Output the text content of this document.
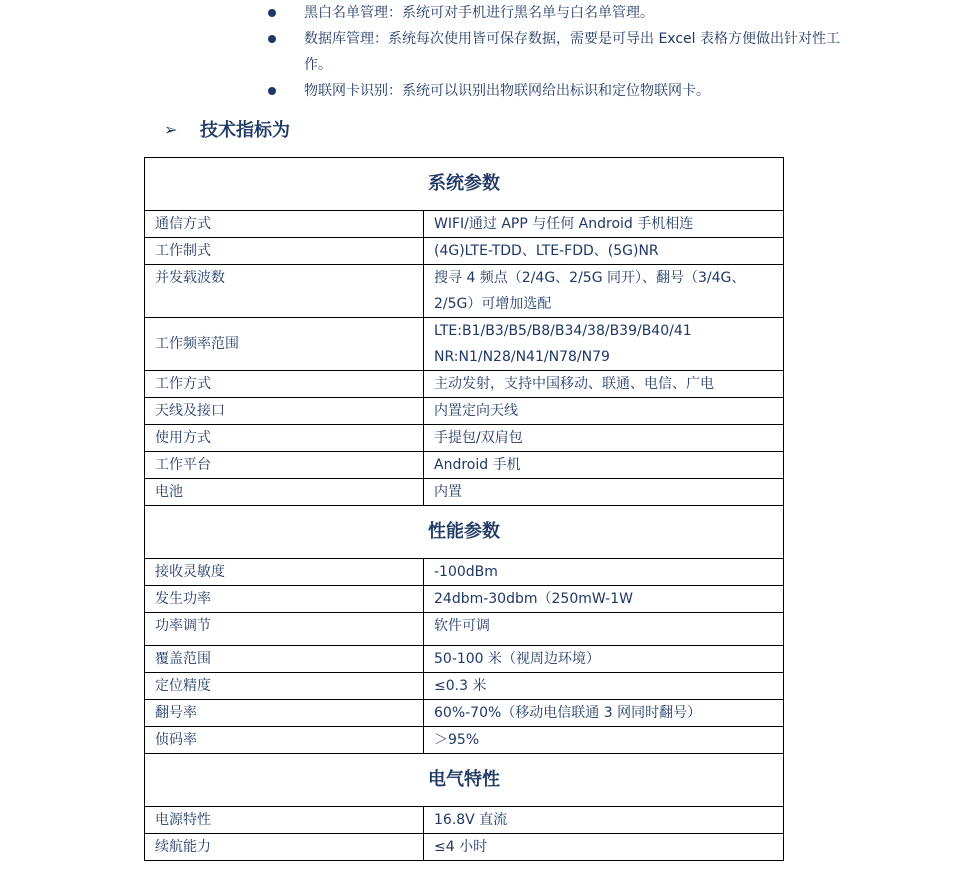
黑白名单管理：系统可对手机进行黑名单与白名单管理。
数据库管理：系统每次使用皆可保存数据，需要是可导出 Excel 表格方便做出针对性工作。
物联网卡识别：系统可以识别出物联网给出标识和定位物联网卡。
➢ 技术指标为
系统参数	
通信方式	WIFI/通过 APP 与任何 Android 手机相连
工作制式	(4G)LTE-TDD、LTE-FDD、(5G)NR
并发载波数	搜寻 4 频点（2/4G、2/5G 同开）、翻号（3/4G、2/5G）可增加选配
工作频率范围	LTE:B1/B3/B5/B8/B34/38/B39/B40/41
NR:N1/N28/N41/N78/N79

工作方式	主动发射，支持中国移动、联通、电信、广电
天线及接口	内置定向天线
使用方式	手提包/双肩包
工作平台	Android 手机
电池	内置
性能参数	
接收灵敏度	-100dBm
发生功率	24dbm-30dbm（250mW-1W
功率调节	软件可调
覆盖范围	50-100 米（视周边环境）
定位精度	≤0.3 米
翻号率	60%-70%（移动电信联通 3 网同时翻号）
侦码率	＞95%
电气特性	
电源特性	16.8V 直流
续航能力	≤4 小时
